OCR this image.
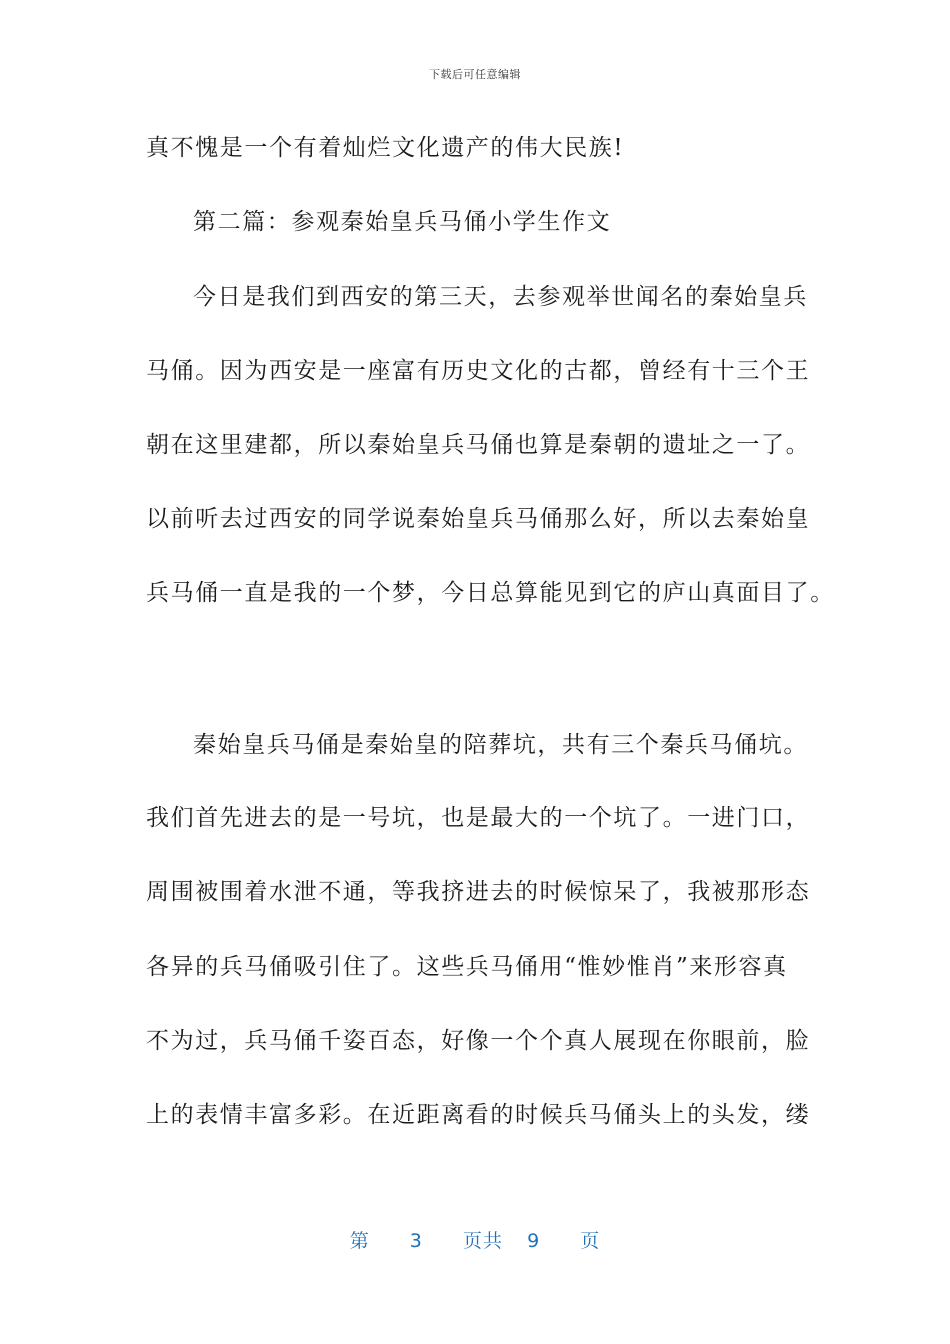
下载后可任意编辑
真不愧是一个有着灿烂文化遗产的伟大民族!
第二篇：参观秦始皇兵马俑小学生作文
今日是我们到西安的第三天，去参观举世闻名的秦始皇兵
马俑。因为西安是一座富有历史文化的古都，曾经有十三个王
朝在这里建都，所以秦始皇兵马俑也算是秦朝的遗址之一了。
以前听去过西安的同学说秦始皇兵马俑那么好，所以去秦始皇
兵马俑一直是我的一个梦，今日总算能见到它的庐山真面目了。
秦始皇兵马俑是秦始皇的陪葬坑，共有三个秦兵马俑坑。
我们首先进去的是一号坑，也是最大的一个坑了。一进门口，
周围被围着水泄不通，等我挤进去的时候惊呆了，我被那形态
各异的兵马俑吸引住了。这些兵马俑用“惟妙惟肖”来形容真
不为过，兵马俑千姿百态，好像一个个真人展现在你眼前，脸
上的表情丰富多彩。在近距离看的时候兵马俑头上的头发，缕
第 3 页共 9 页
